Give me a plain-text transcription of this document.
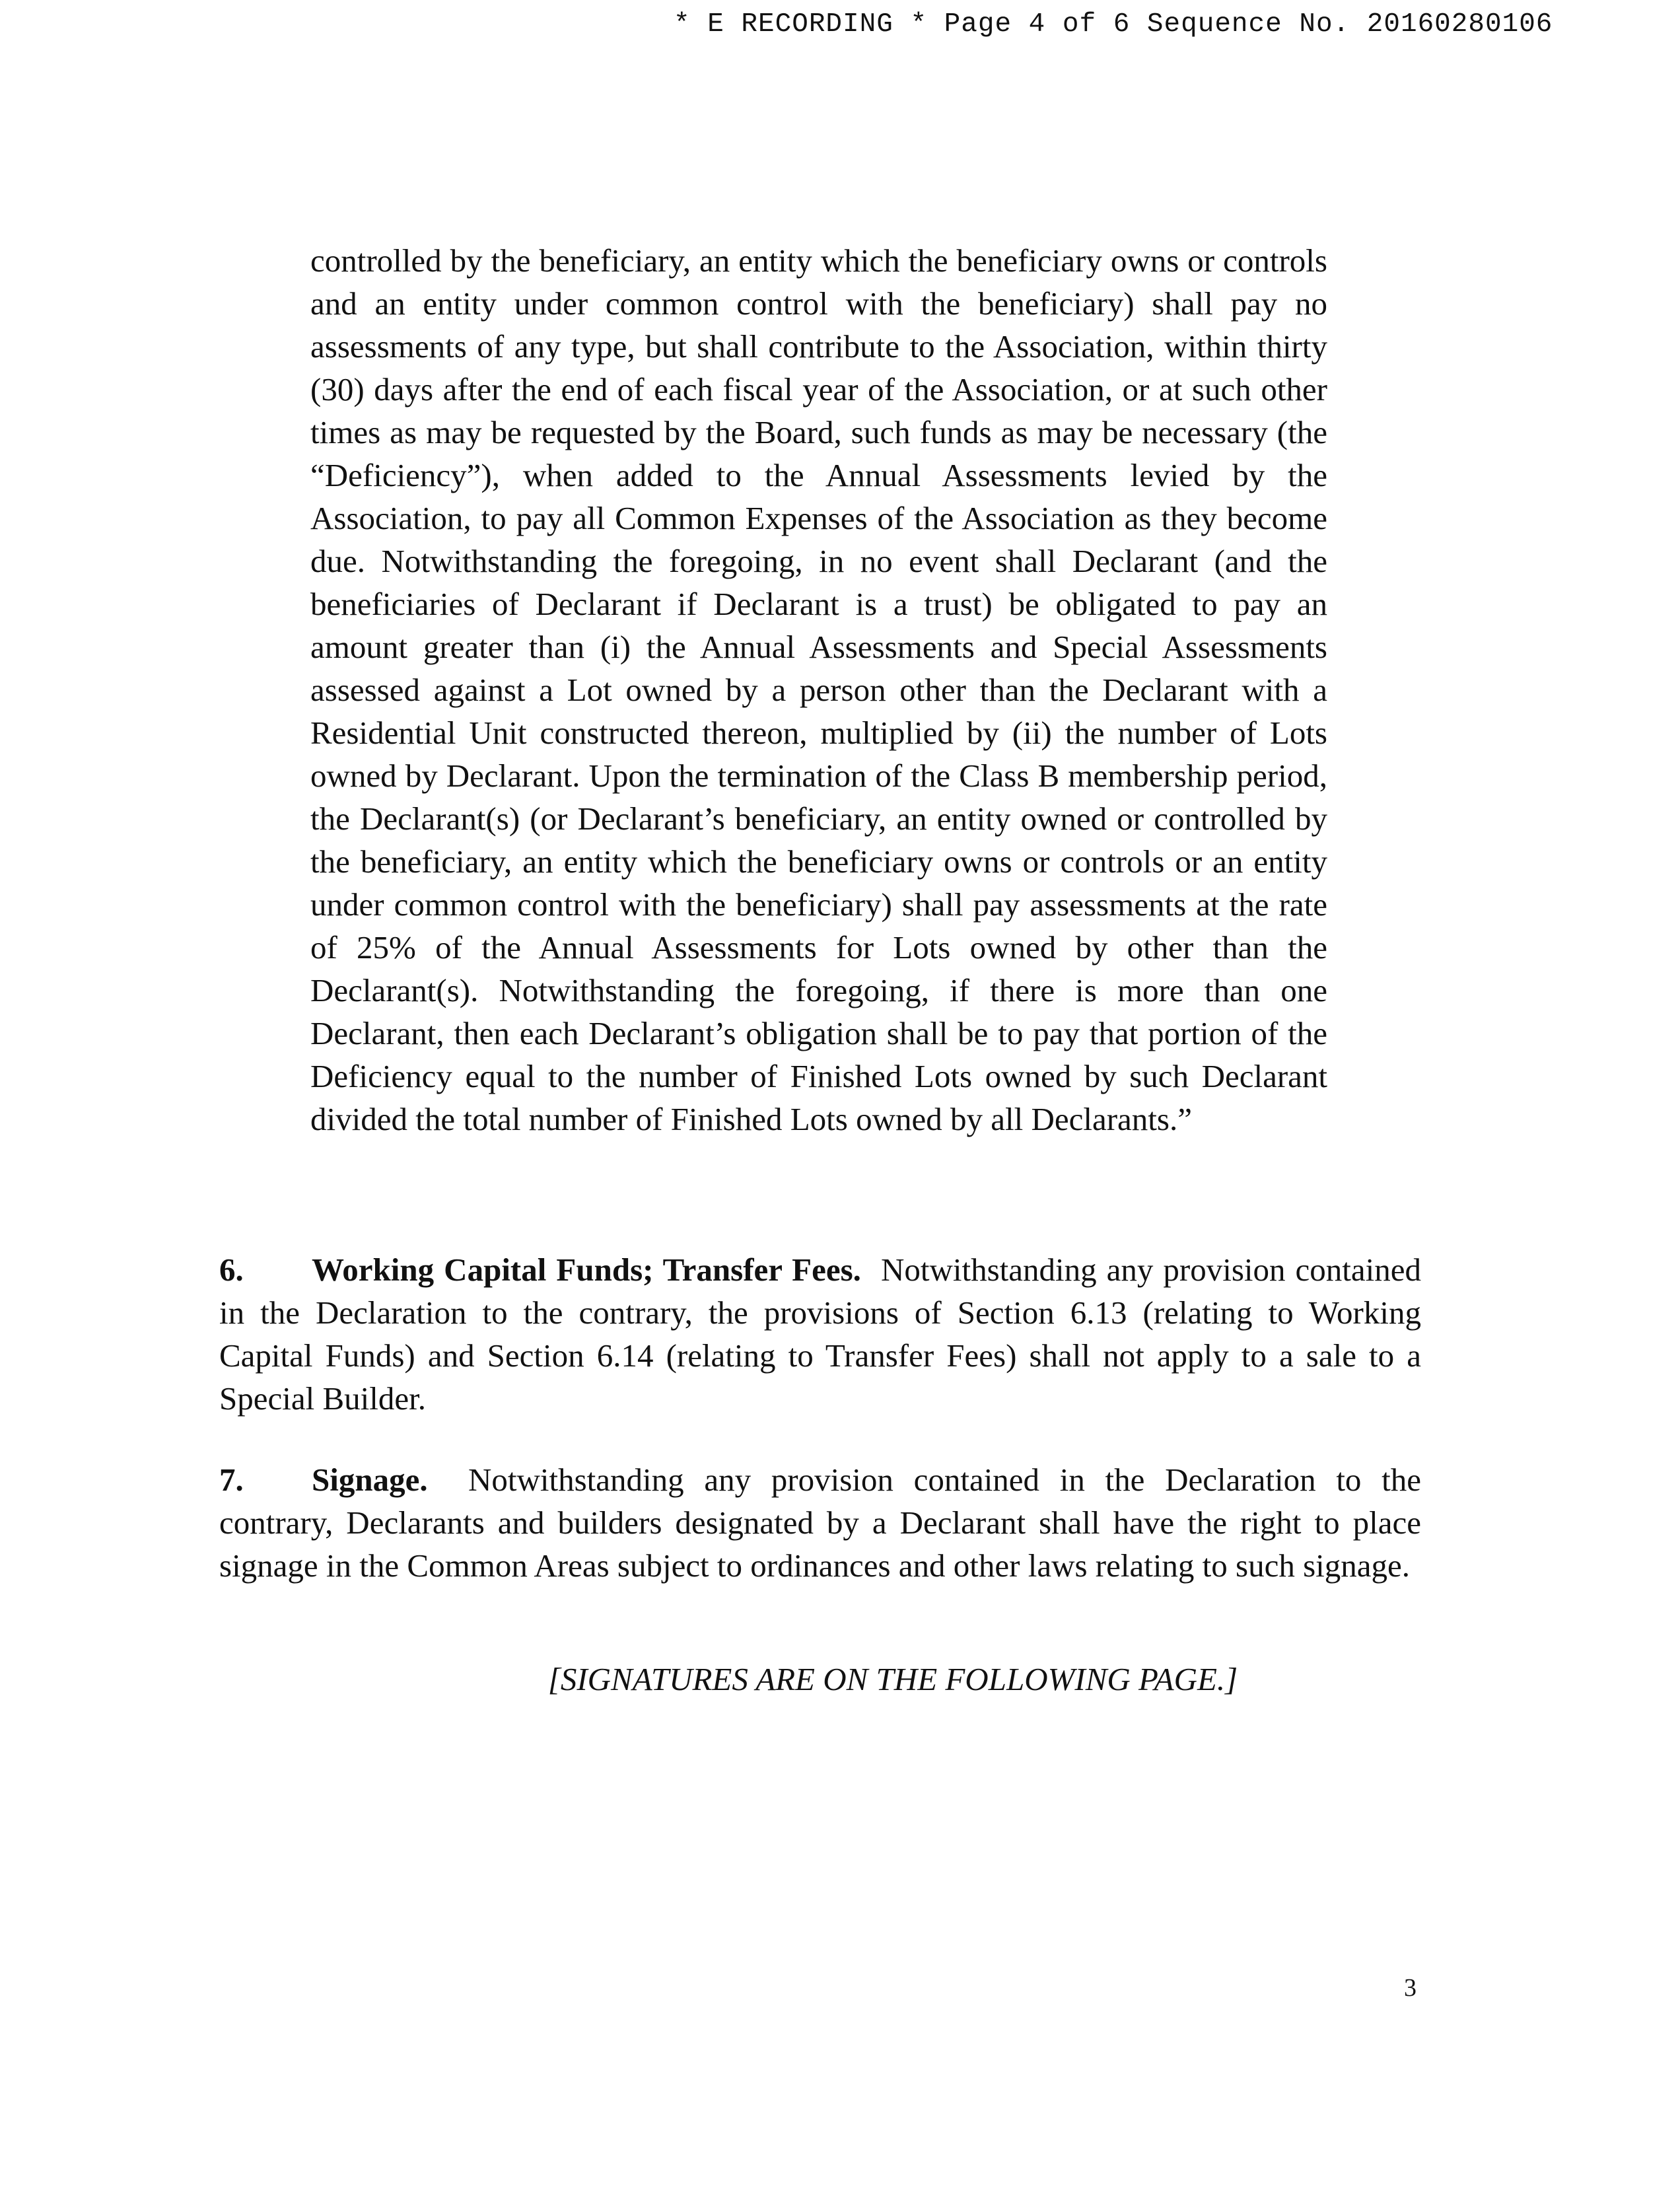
* E RECORDING * Page 4 of 6 Sequence No. 20160280106
controlled by the beneficiary, an entity which the beneficiary owns or controls and an entity under common control with the beneficiary) shall pay no assessments of any type, but shall contribute to the Association, within thirty (30) days after the end of each fiscal year of the Association, or at such other times as may be requested by the Board, such funds as may be necessary (the “Deficiency”), when added to the Annual Assessments levied by the Association, to pay all Common Expenses of the Association as they become due. Notwithstanding the foregoing, in no event shall Declarant (and the beneficiaries of Declarant if Declarant is a trust) be obligated to pay an amount greater than (i) the Annual Assessments and Special Assessments assessed against a Lot owned by a person other than the Declarant with a Residential Unit constructed thereon, multiplied by (ii) the number of Lots owned by Declarant. Upon the termination of the Class B membership period, the Declarant(s) (or Declarant’s beneficiary, an entity owned or controlled by the beneficiary, an entity which the beneficiary owns or controls or an entity under common control with the beneficiary) shall pay assessments at the rate of 25% of the Annual Assessments for Lots owned by other than the Declarant(s). Notwithstanding the foregoing, if there is more than one Declarant, then each Declarant’s obligation shall be to pay that portion of the Deficiency equal to the number of Finished Lots owned by such Declarant divided the total number of Finished Lots owned by all Declarants.”
6. Working Capital Funds; Transfer Fees. Notwithstanding any provision contained in the Declaration to the contrary, the provisions of Section 6.13 (relating to Working Capital Funds) and Section 6.14 (relating to Transfer Fees) shall not apply to a sale to a Special Builder.
7. Signage. Notwithstanding any provision contained in the Declaration to the contrary, Declarants and builders designated by a Declarant shall have the right to place signage in the Common Areas subject to ordinances and other laws relating to such signage.
[SIGNATURES ARE ON THE FOLLOWING PAGE.]
3
